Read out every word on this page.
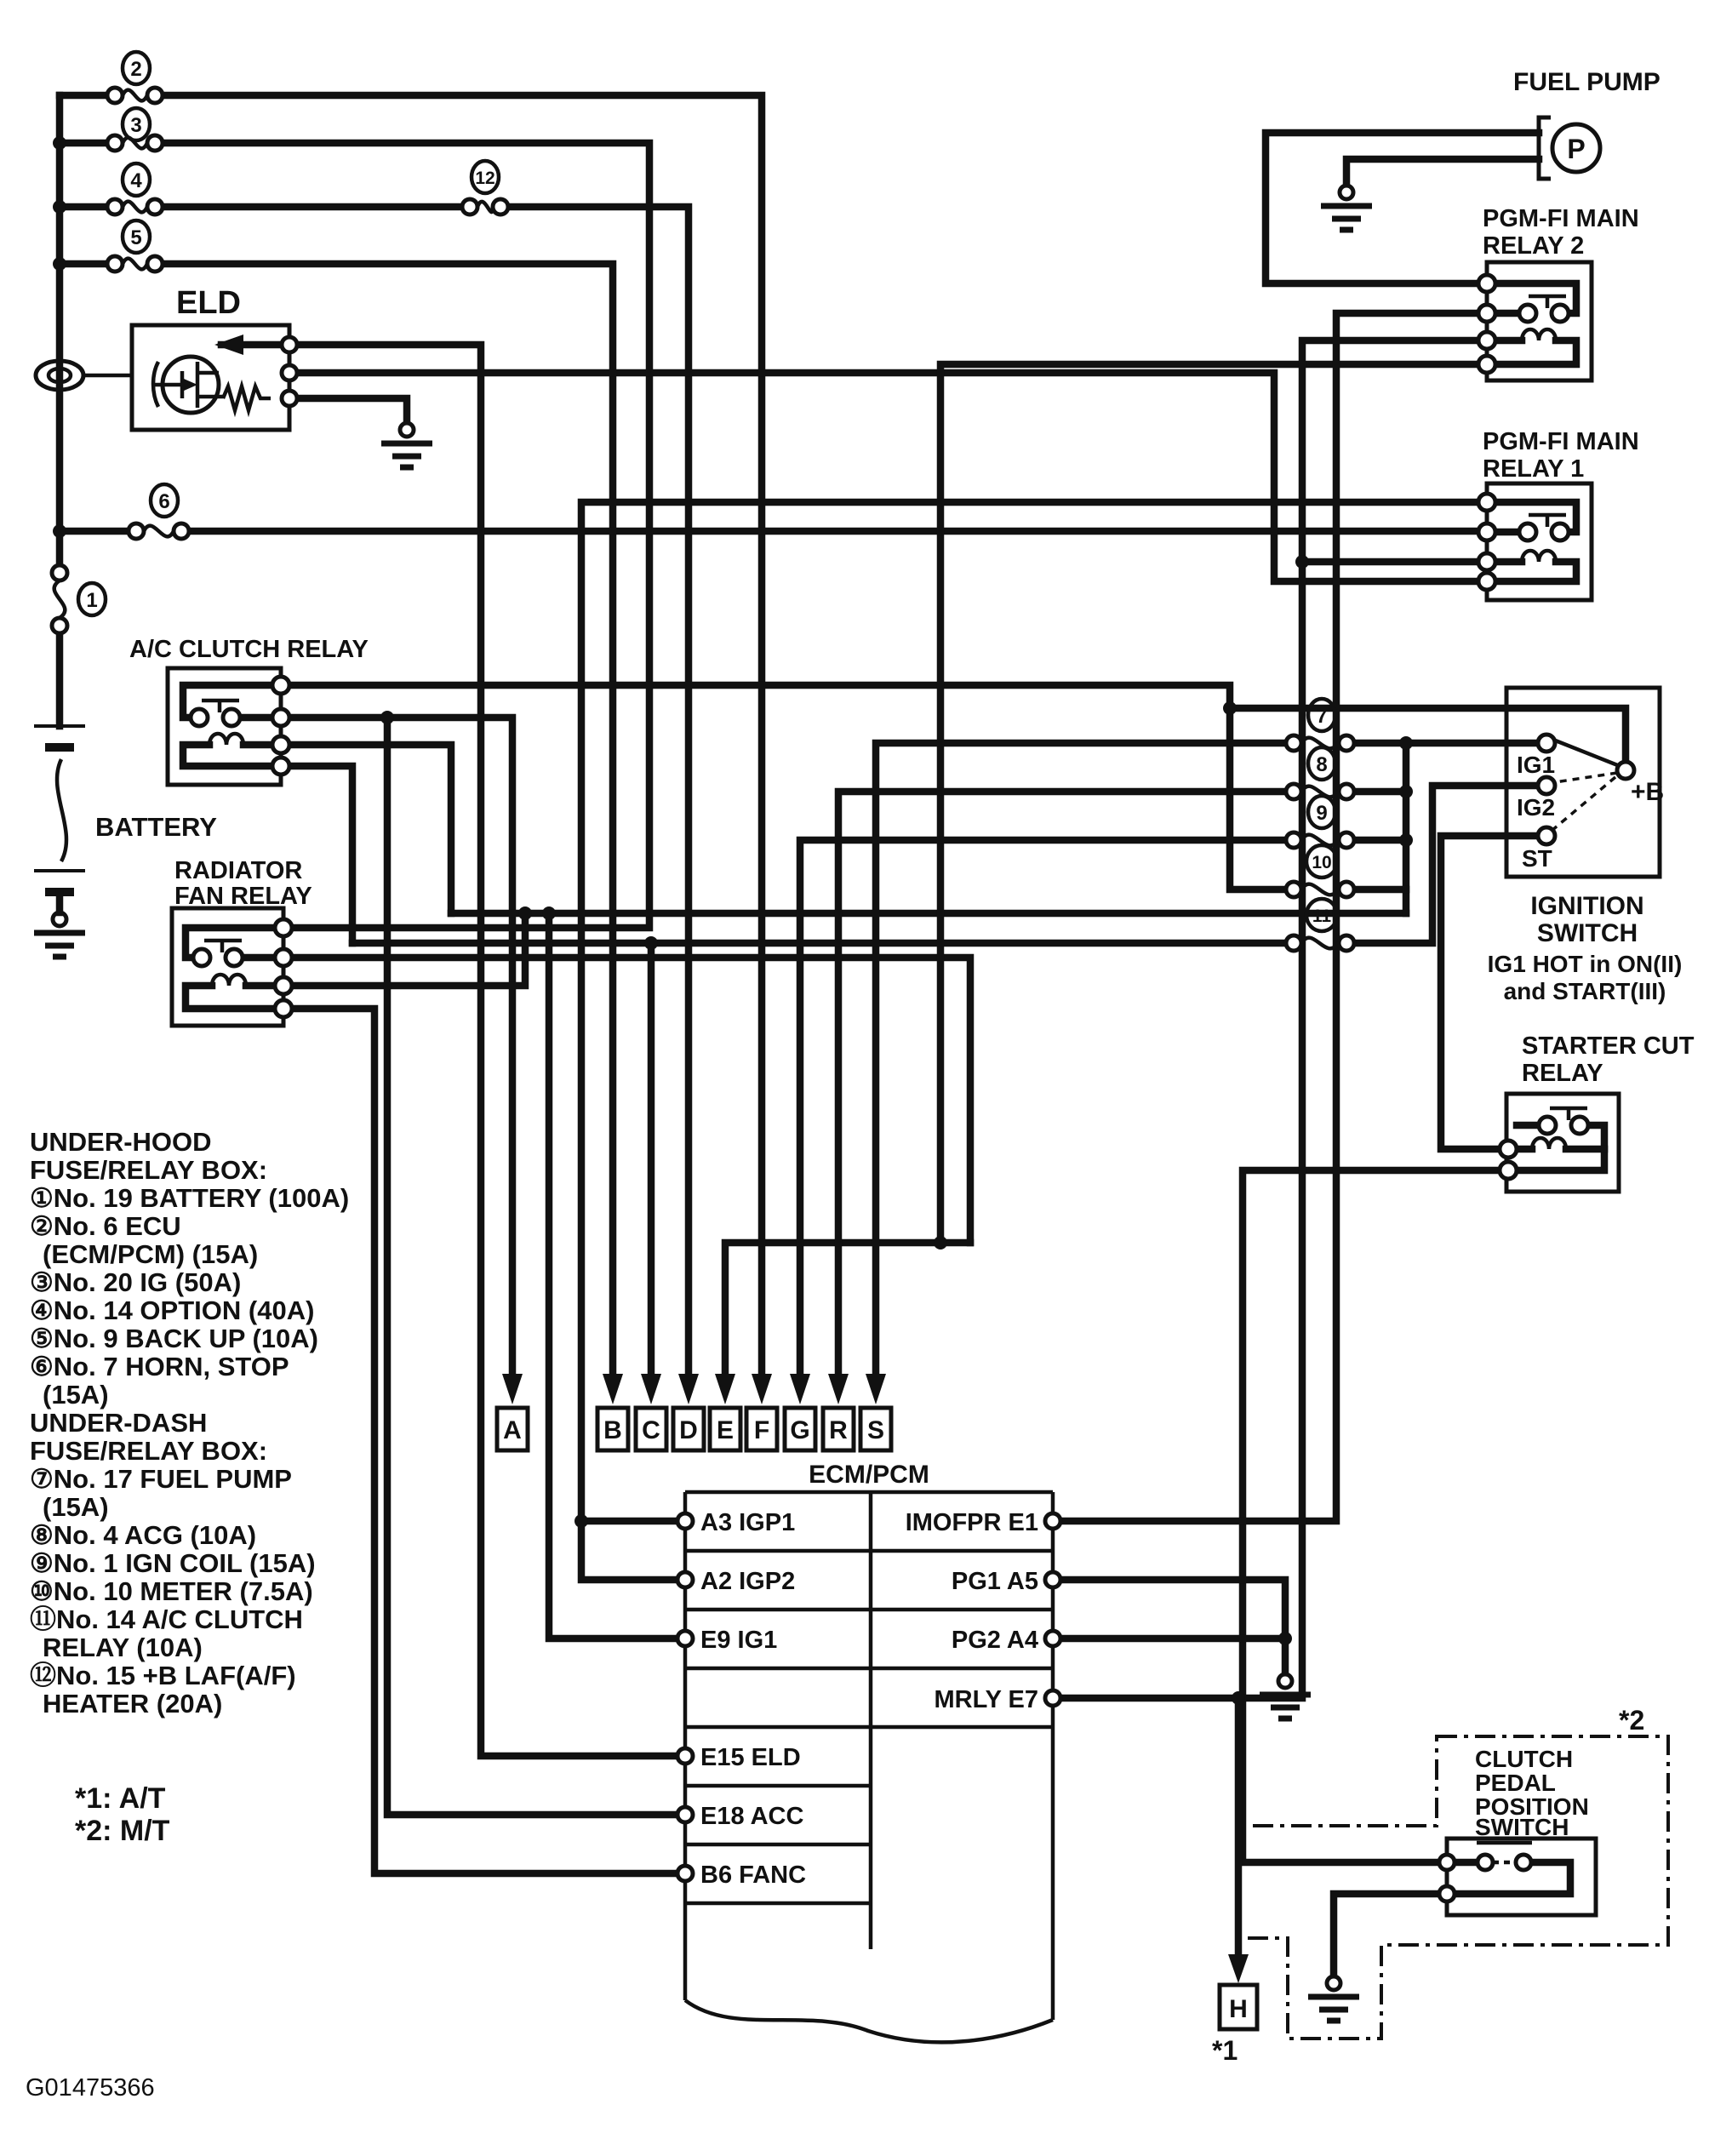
2
3
4
5
12
6
1
7
8
9
10
11
FUEL PUMP
P
PGM-FI MAIN
RELAY 2
PGM-FI MAIN
RELAY 1
ELD
BATTERY
A/C CLUTCH RELAY
RADIATOR
FAN RELAY	IGNITION
SWITCH
IG1 HOT in ON(II)
and START(III)
IG1
IG2
ST
+B
STARTER CUT
RELAY
CLUTCH
PEDAL
POSITION
SWITCH
*2
*1
ECM/PCM
A3 IGP1
A2 IGP2
E9 IG1
E15 ELD
E18 ACC
B6 FANC
IMOFPR E1
PG1 A5
PG2 A4
MRLY E7
A	B C D E F G R S
H
UNDER-HOOD
FUSE/RELAY BOX:
①No. 19 BATTERY (100A)
②No. 6 ECU
(ECM/PCM) (15A)
③No. 20 IG (50A)
④No. 14 OPTION (40A)
⑤No. 9 BACK UP (10A)
⑥No. 7 HORN, STOP
(15A)
UNDER-DASH
FUSE/RELAY BOX:
⑦No. 17 FUEL PUMP
(15A)
⑧No. 4 ACG (10A)
⑨No. 1 IGN COIL (15A)
⑩No. 10 METER (7.5A)
⑪No. 14 A/C CLUTCH
RELAY (10A)
⑫No. 15 +B LAF(A/F)
HEATER (20A)
*1: A/T
*2: M/T
G01475366
